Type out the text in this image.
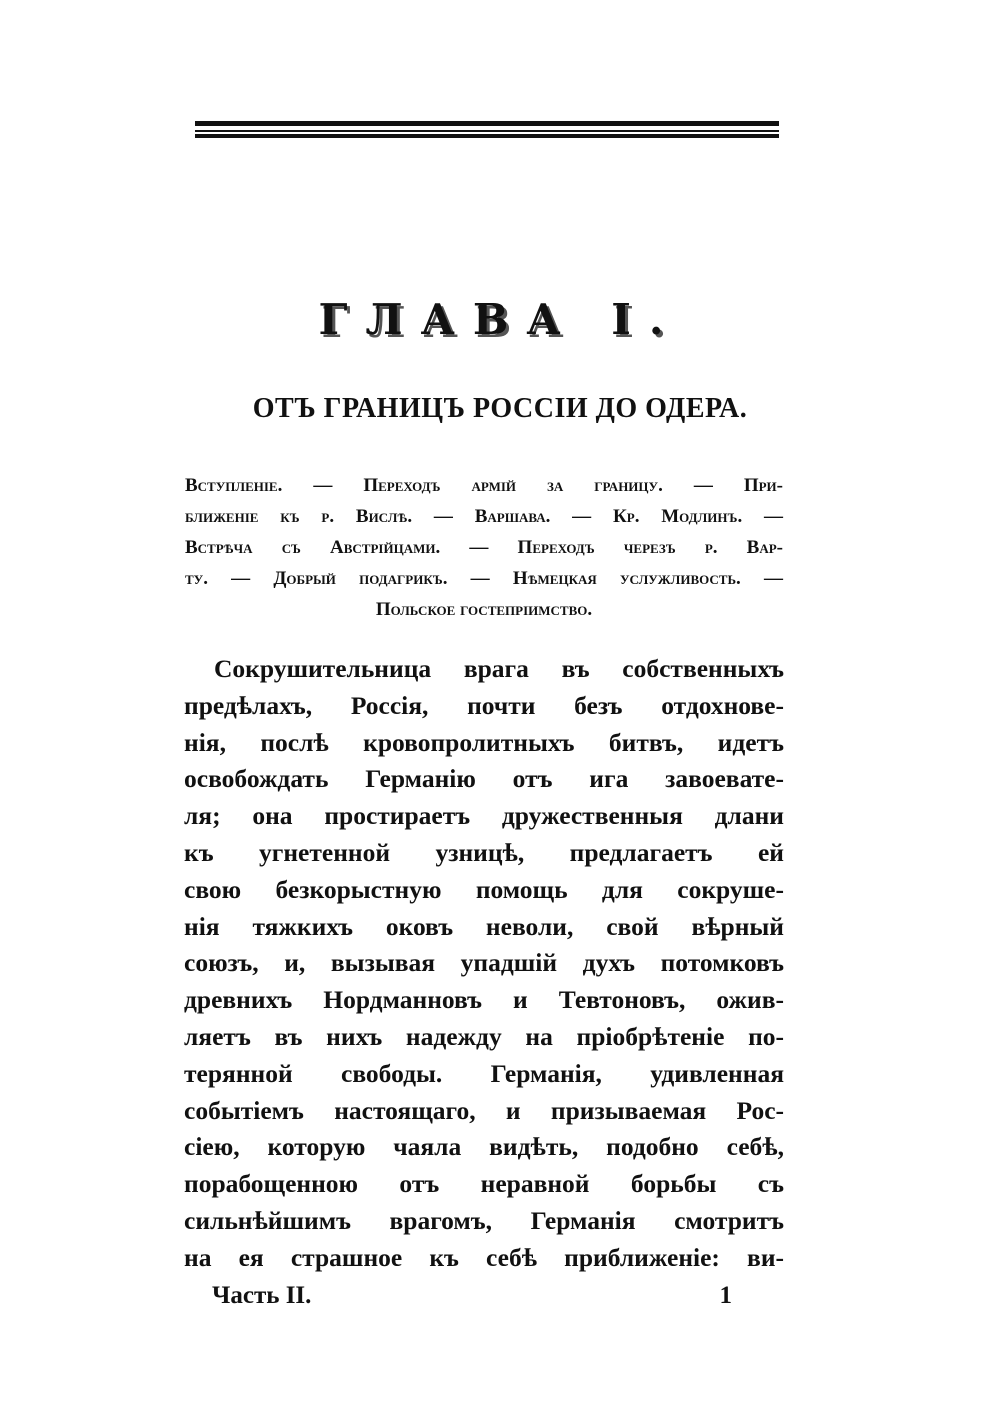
ГЛАВА I.
ОТЪ ГРАНИЦЪ РОССІИ ДО ОДЕРА.
Вступленіе. — Переходъ армій за границу. — При-
ближеніе къ р. Вислѣ. — Варшава. — Кр. Модлинъ. —
Встрѣча съ Австрійцами. — Переходъ черезъ р. Вар-
ту. — Добрый подагрикъ. — Нѣмецкая услужливость. —
Польское гостепріимство.
Сокрушительница врага въ собственныхъ
предѣлахъ, Россія, почти безъ отдохнове-
нія, послѣ кровопролитныхъ битвъ, идетъ
освобождать Германію отъ ига завоевате-
ля; она простираетъ дружественныя длани
къ угнетенной узницѣ, предлагаетъ ей
свою безкорыстную помощь для сокруше-
нія тяжкихъ оковъ неволи, свой вѣрный
союзъ, и, вызывая упадшій духъ потомковъ
древнихъ Нордманновъ и Тевтоновъ, ожив-
ляетъ въ нихъ надежду на пріобрѣтеніе по-
терянной свободы. Германія, удивленная
событіемъ настоящаго, и призываемая Рос-
сіею, которую чаяла видѣть, подобно себѣ,
порабощенною отъ неравной борьбы съ
сильнѣйшимъ врагомъ, Германія смотритъ
на ея страшное къ себѣ приближеніе: ви-
Часть II.	1
